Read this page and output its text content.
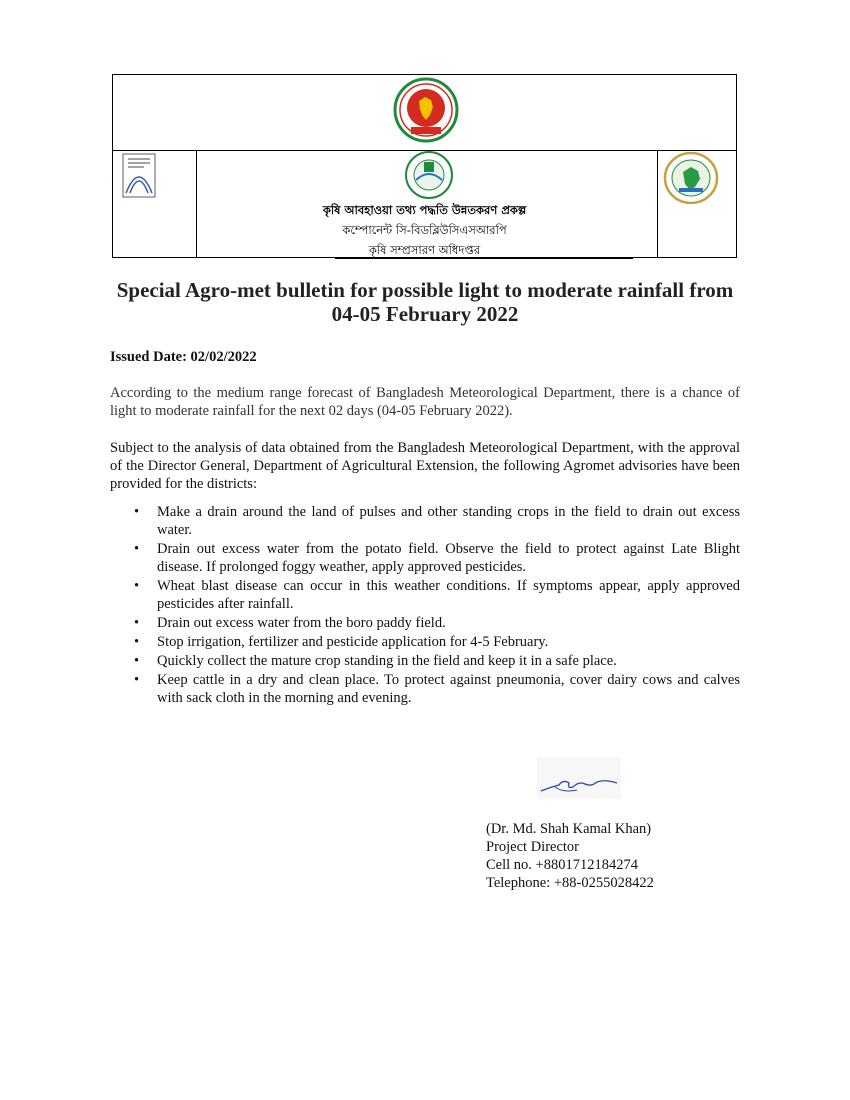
কৃষি আবহাওয়া তথ্য পদ্ধতি উন্নতকরণ প্রকল্প
কম্পোনেন্ট সি-বিডব্লিউসিএসআরপি
কৃষি সম্প্রসারণ অধিদপ্তর
Special Agro-met bulletin for possible light to moderate rainfall from
04-05 February 2022
Issued Date: 02/02/2022
According to the medium range forecast of Bangladesh Meteorological Department, there is a chance of light to moderate rainfall for the next 02 days (04-05 February 2022).
Subject to the analysis of data obtained from the Bangladesh Meteorological Department, with the approval of the Director General, Department of Agricultural Extension, the following Agromet advisories have been provided for the districts:
• Make a drain around the land of pulses and other standing crops in the field to drain out excess water.
• Drain out excess water from the potato field. Observe the field to protect against Late Blight disease. If prolonged foggy weather, apply approved pesticides.
• Wheat blast disease can occur in this weather conditions. If symptoms appear, apply approved pesticides after rainfall.
• Drain out excess water from the boro paddy field.
• Stop irrigation, fertilizer and pesticide application for 4-5 February.
• Quickly collect the mature crop standing in the field and keep it in a safe place.
• Keep cattle in a dry and clean place. To protect against pneumonia, cover dairy cows and calves with sack cloth in the morning and evening.
(Dr. Md. Shah Kamal Khan)
Project Director
Cell no. +8801712184274
Telephone: +88-0255028422
